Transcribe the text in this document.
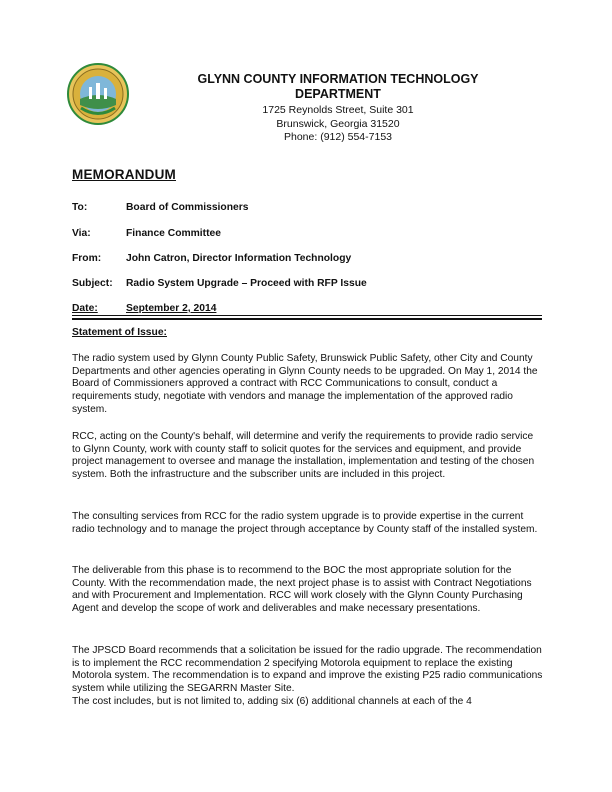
GLYNN COUNTY INFORMATION TECHNOLOGY
DEPARTMENT
1725 Reynolds Street, Suite 301
Brunswick, Georgia 31520
Phone: (912) 554-7153
MEMORANDUM
To:	Board of Commissioners
Via:	Finance Committee
From: John Catron, Director Information Technology
Subject: Radio System Upgrade – Proceed with RFP Issue
Date:	September 2, 2014
Statement of Issue:
The radio system used by Glynn County Public Safety, Brunswick Public Safety, other City and County Departments and other agencies operating in Glynn County needs to be upgraded. On May 1, 2014 the Board of Commissioners approved a contract with RCC Communications to consult, conduct a requirements study, negotiate with vendors and manage the implementation of the approved radio system.
RCC, acting on the County's behalf, will determine and verify the requirements to provide radio service to Glynn County, work with county staff to solicit quotes for the services and equipment, and provide project management to oversee and manage the installation, implementation and testing of the chosen system. Both the infrastructure and the subscriber units are included in this project.
The consulting services from RCC for the radio system upgrade is to provide expertise in the current radio technology and to manage the project through acceptance by County staff of the installed system.
The deliverable from this phase is to recommend to the BOC the most appropriate solution for the County. With the recommendation made, the next project phase is to assist with Contract Negotiations and with Procurement and Implementation. RCC will work closely with the Glynn County Purchasing Agent and develop the scope of work and deliverables and make necessary presentations.
The JPSCD Board recommends that a solicitation be issued for the radio upgrade. The recommendation is to implement the RCC recommendation 2 specifying Motorola equipment to replace the existing Motorola system. The recommendation is to expand and improve the existing P25 radio communications system while utilizing the SEGARRN Master Site.
The cost includes, but is not limited to, adding six (6) additional channels at each of the 4
